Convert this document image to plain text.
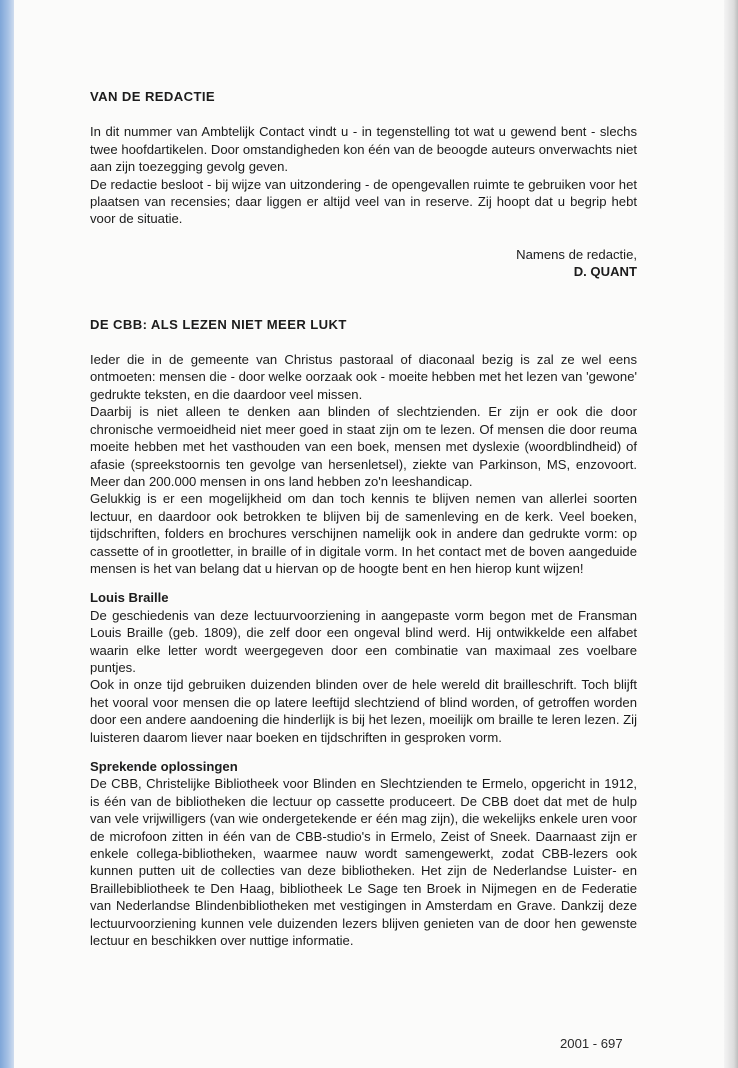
VAN DE REDACTIE

In dit nummer van Ambtelijk Contact vindt u - in tegenstelling tot wat u gewend bent - slechs twee hoofdartikelen. Door omstandigheden kon één van de beoogde auteurs onverwachts niet aan zijn toezegging gevolg geven.

De redactie besloot - bij wijze van uitzondering - de opengevallen ruimte te gebruiken voor het plaatsen van recensies; daar liggen er altijd veel van in reserve. Zij hoopt dat u begrip hebt voor de situatie.

Namens de redactie,

D. QUANT

DE CBB: ALS LEZEN NIET MEER LUKT

Ieder die in de gemeente van Christus pastoraal of diaconaal bezig is zal ze wel eens ontmoeten: mensen die - door welke oorzaak ook - moeite hebben met het lezen van 'gewone' gedrukte teksten, en die daardoor veel missen.

Daarbij is niet alleen te denken aan blinden of slechtzienden. Er zijn er ook die door chronische vermoeidheid niet meer goed in staat zijn om te lezen. Of mensen die door reuma moeite hebben met het vasthouden van een boek, mensen met dyslexie (woordblindheid) of afasie (spreekstoornis ten gevolge van hersenletsel), ziekte van Parkinson, MS, enzovoort. Meer dan 200.000 mensen in ons land hebben zo'n leeshandicap.

Gelukkig is er een mogelijkheid om dan toch kennis te blijven nemen van allerlei soorten lectuur, en daardoor ook betrokken te blijven bij de samenleving en de kerk. Veel boeken, tijdschriften, folders en brochures verschijnen namelijk ook in andere dan gedrukte vorm: op cassette of in grootletter, in braille of in digitale vorm. In het contact met de boven aangeduide mensen is het van belang dat u hiervan op de hoogte bent en hen hierop kunt wijzen!

Louis Braille

De geschiedenis van deze lectuurvoorziening in aangepaste vorm begon met de Fransman Louis Braille (geb. 1809), die zelf door een ongeval blind werd. Hij ontwikkelde een alfabet waarin elke letter wordt weergegeven door een combinatie van maximaal zes voelbare puntjes.

Ook in onze tijd gebruiken duizenden blinden over de hele wereld dit brailleschrift. Toch blijft het vooral voor mensen die op latere leeftijd slechtziend of blind worden, of getroffen worden door een andere aandoening die hinderlijk is bij het lezen, moeilijk om braille te leren lezen. Zij luisteren daarom liever naar boeken en tijdschriften in gesproken vorm.

Sprekende oplossingen

De CBB, Christelijke Bibliotheek voor Blinden en Slechtzienden te Ermelo, opgericht in 1912, is één van de bibliotheken die lectuur op cassette produceert. De CBB doet dat met de hulp van vele vrijwilligers (van wie ondergetekende er één mag zijn), die wekelijks enkele uren voor de microfoon zitten in één van de CBB-studio's in Ermelo, Zeist of Sneek. Daarnaast zijn er enkele collega-bibliotheken, waarmee nauw wordt samengewerkt, zodat CBB-lezers ook kunnen putten uit de collecties van deze bibliotheken. Het zijn de Nederlandse Luister- en Braillebibliotheek te Den Haag, bibliotheek Le Sage ten Broek in Nijmegen en de Federatie van Nederlandse Blindenbibliotheken met vestigingen in Amsterdam en Grave. Dankzij deze lectuurvoorziening kunnen vele duizenden lezers blijven genieten van de door hen gewenste lectuur en beschikken over nuttige informatie.

2001 - 697
